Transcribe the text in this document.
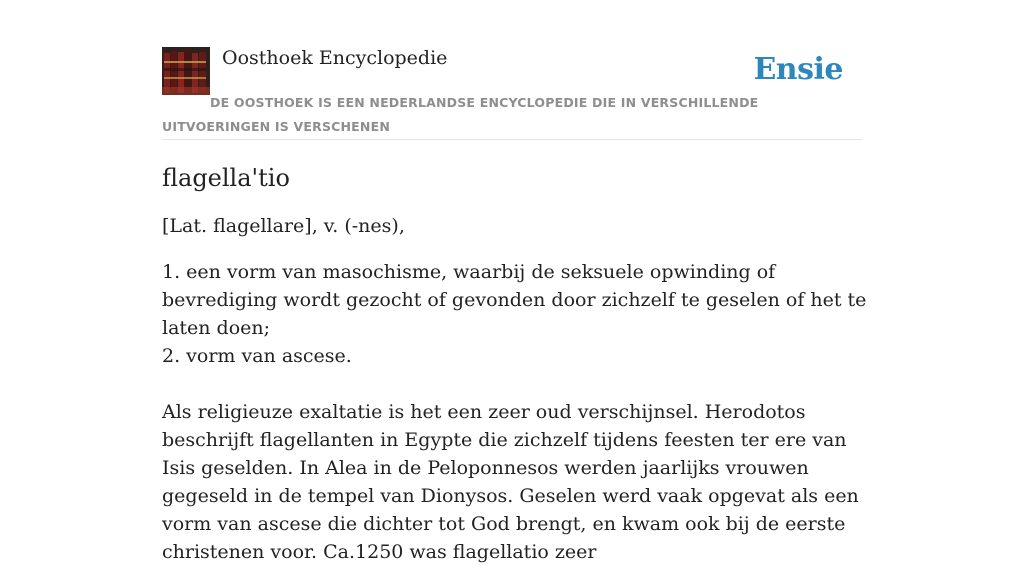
Oosthoek Encyclopedie	Ensie

DE OOSTHOEK IS EEN NEDERLANDSE ENCYCLOPEDIE DIE IN VERSCHILLENDE UITVOERINGEN IS VERSCHENEN

flagella'tio

[Lat. flagellare], v. (-nes),

1. een vorm van masochisme, waarbij de seksuele opwinding of bevrediging wordt gezocht of gevonden door zichzelf te geselen of het te laten doen;
2. vorm van ascese.

Als religieuze exaltatie is het een zeer oud verschijnsel. Herodotos beschrijft flagellanten in Egypte die zichzelf tijdens feesten ter ere van Isis geselden. In Alea in de Peloponnesos werden jaarlijks vrouwen gegeseld in de tempel van Dionysos. Geselen werd vaak opgevat als een vorm van ascese die dichter tot God brengt, en kwam ook bij de eerste christenen voor. Ca.1250 was flagellatio zeer
